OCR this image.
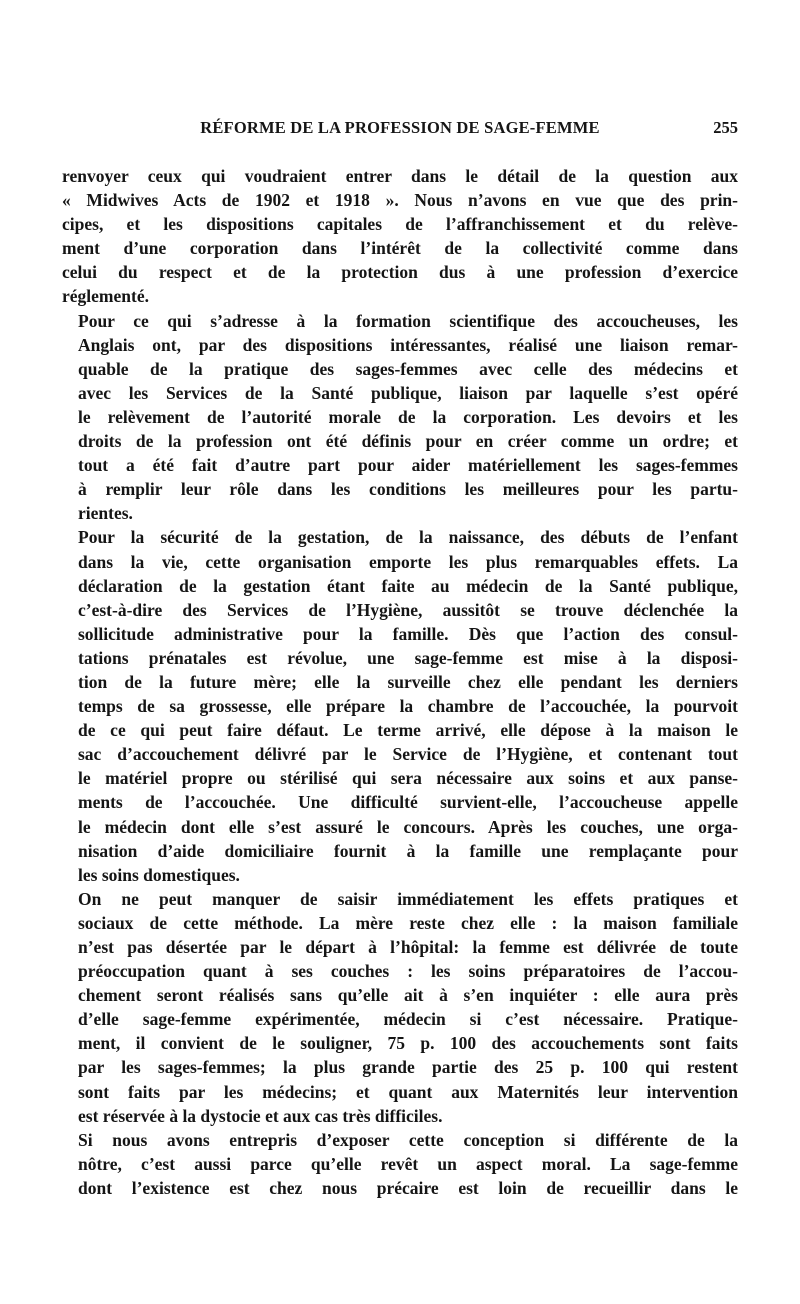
RÉFORME DE LA PROFESSION DE SAGE-FEMME	255

renvoyer ceux qui voudraient entrer dans le détail de la question aux
« Midwives Acts de 1902 et 1918 ». Nous n’avons en vue que des prin-
cipes, et les dispositions capitales de l’affranchissement et du relève-
ment d’une corporation dans l’intérêt de la collectivité comme dans
celui du respect et de la protection dus à une profession d’exercice
réglementé.

Pour ce qui s’adresse à la formation scientifique des accoucheuses, les
Anglais ont, par des dispositions intéressantes, réalisé une liaison remar-
quable de la pratique des sages-femmes avec celle des médecins et
avec les Services de la Santé publique, liaison par laquelle s’est opéré
le relèvement de l’autorité morale de la corporation. Les devoirs et les
droits de la profession ont été définis pour en créer comme un ordre; et
tout a été fait d’autre part pour aider matériellement les sages-femmes
à remplir leur rôle dans les conditions les meilleures pour les partu-
rientes.

Pour la sécurité de la gestation, de la naissance, des débuts de l’enfant
dans la vie, cette organisation emporte les plus remarquables effets. La
déclaration de la gestation étant faite au médecin de la Santé publique,
c’est-à-dire des Services de l’Hygiène, aussitôt se trouve déclenchée la
sollicitude administrative pour la famille. Dès que l’action des consul-
tations prénatales est révolue, une sage-femme est mise à la disposi-
tion de la future mère; elle la surveille chez elle pendant les derniers
temps de sa grossesse, elle prépare la chambre de l’accouchée, la pourvoit
de ce qui peut faire défaut. Le terme arrivé, elle dépose à la maison le
sac d’accouchement délivré par le Service de l’Hygiène, et contenant tout
le matériel propre ou stérilisé qui sera nécessaire aux soins et aux panse-
ments de l’accouchée. Une difficulté survient-elle, l’accoucheuse appelle
le médecin dont elle s’est assuré le concours. Après les couches, une orga-
nisation d’aide domiciliaire fournit à la famille une remplaçante pour
les soins domestiques.

On ne peut manquer de saisir immédiatement les effets pratiques et
sociaux de cette méthode. La mère reste chez elle : la maison familiale
n’est pas désertée par le départ à l’hôpital: la femme est délivrée de toute
préoccupation quant à ses couches : les soins préparatoires de l’accou-
chement seront réalisés sans qu’elle ait à s’en inquiéter : elle aura près
d’elle sage-femme expérimentée, médecin si c’est nécessaire. Pratique-
ment, il convient de le souligner, 75 p. 100 des accouchements sont faits
par les sages-femmes; la plus grande partie des 25 p. 100 qui restent
sont faits par les médecins; et quant aux Maternités leur intervention
est réservée à la dystocie et aux cas très difficiles.

Si nous avons entrepris d’exposer cette conception si différente de la
nôtre, c’est aussi parce qu’elle revêt un aspect moral. La sage-femme
dont l’existence est chez nous précaire est loin de recueillir dans le
